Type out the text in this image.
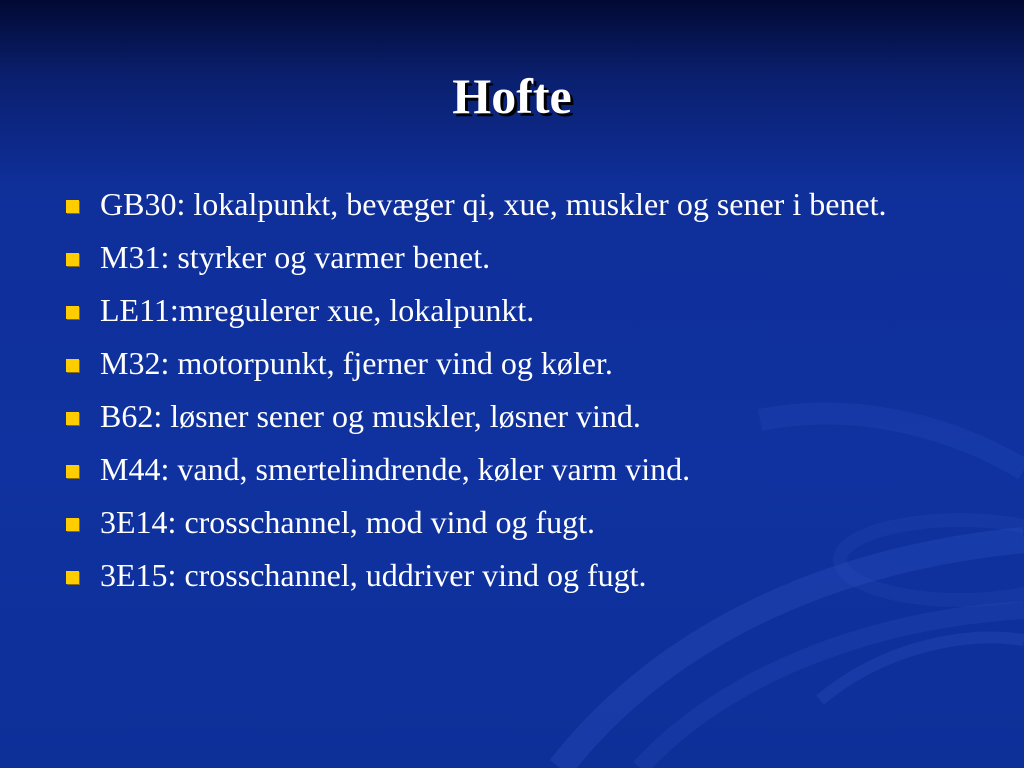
Hofte
GB30: lokalpunkt, bevæger qi, xue, muskler og sener i benet.
M31: styrker og varmer benet.
LE11:mregulerer xue, lokalpunkt.
M32: motorpunkt, fjerner vind og køler.
B62: løsner sener og muskler, løsner vind.
M44: vand, smertelindrende, køler varm vind.
3E14: crosschannel, mod vind og fugt.
3E15: crosschannel, uddriver vind og fugt.
